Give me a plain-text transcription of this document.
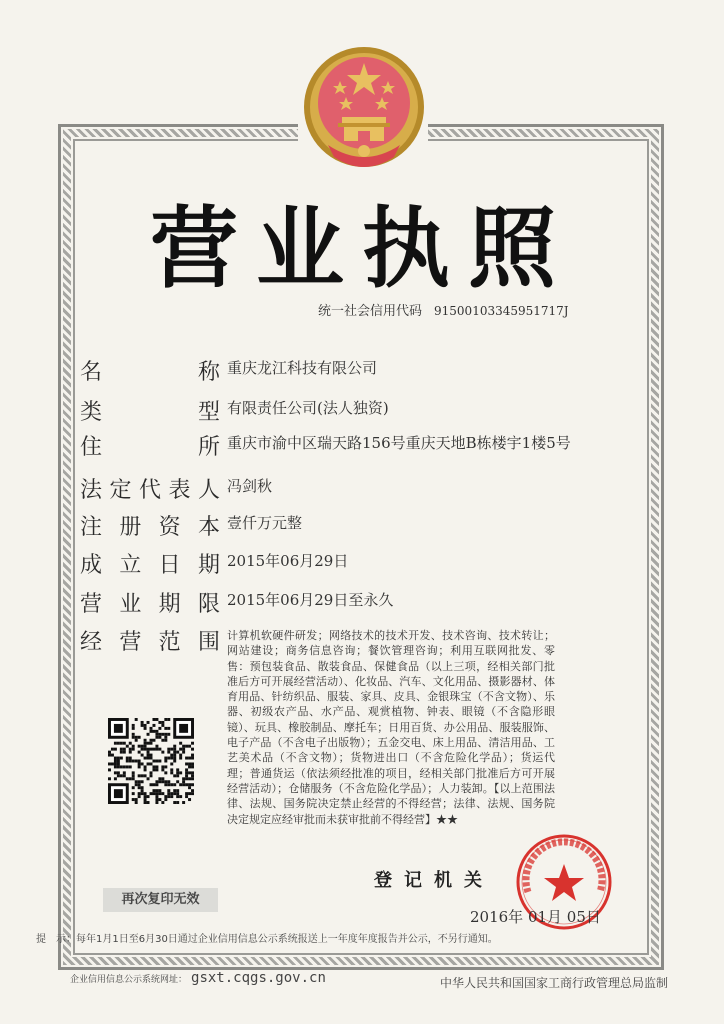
营业执照
统一社会信用代码 91500103345951717J
名	称 重庆龙江科技有限公司
类	型 有限责任公司(法人独资)
住	所 重庆市渝中区瑞天路156号重庆天地B栋楼宇1楼5号
法 定 代 表 人 冯剑秋
注 册 资 本 壹仟万元整
成 立 日 期 2015年06月29日
营 业 期 限 2015年06月29日至永久
经 营 范 围 计算机软硬件研发；网络技术的技术开发、技术咨询、技术转让；网站建设；商务信息咨询；餐饮管理咨询；利用互联网批发、零售：预包装食品、散装食品、保健食品（以上三项，经相关部门批准后方可开展经营活动）、化妆品、汽车、文化用品、摄影器材、体育用品、针纺织品、服装、家具、皮具、金银珠宝（不含文物）、乐器、初级农产品、水产品、观赏植物、钟表、眼镜（不含隐形眼镜）、玩具、橡胶制品、摩托车；日用百货、办公用品、服装服饰、电子产品（不含电子出版物）；五金交电、床上用品、清洁用品、工艺美术品（不含文物）；货物进出口（不含危险化学品）；货运代理；普通货运（依法须经批准的项目，经相关部门批准后方可开展经营活动）；仓储服务（不含危险化学品）；人力装卸。【以上范围法律、法规、国务院决定禁止经营的不得经营；法律、法规、国务院决定规定应经审批而未获审批前不得经营】★★
再次复印无效
登记机关
2016年 01月 05日
提　示：每年1月1日至6月30日通过企业信用信息公示系统报送上一年度年度报告并公示，不另行通知。
企业信用信息公示系统网址： gsxt.cqgs.gov.cn	中华人民共和国国家工商行政管理总局监制
